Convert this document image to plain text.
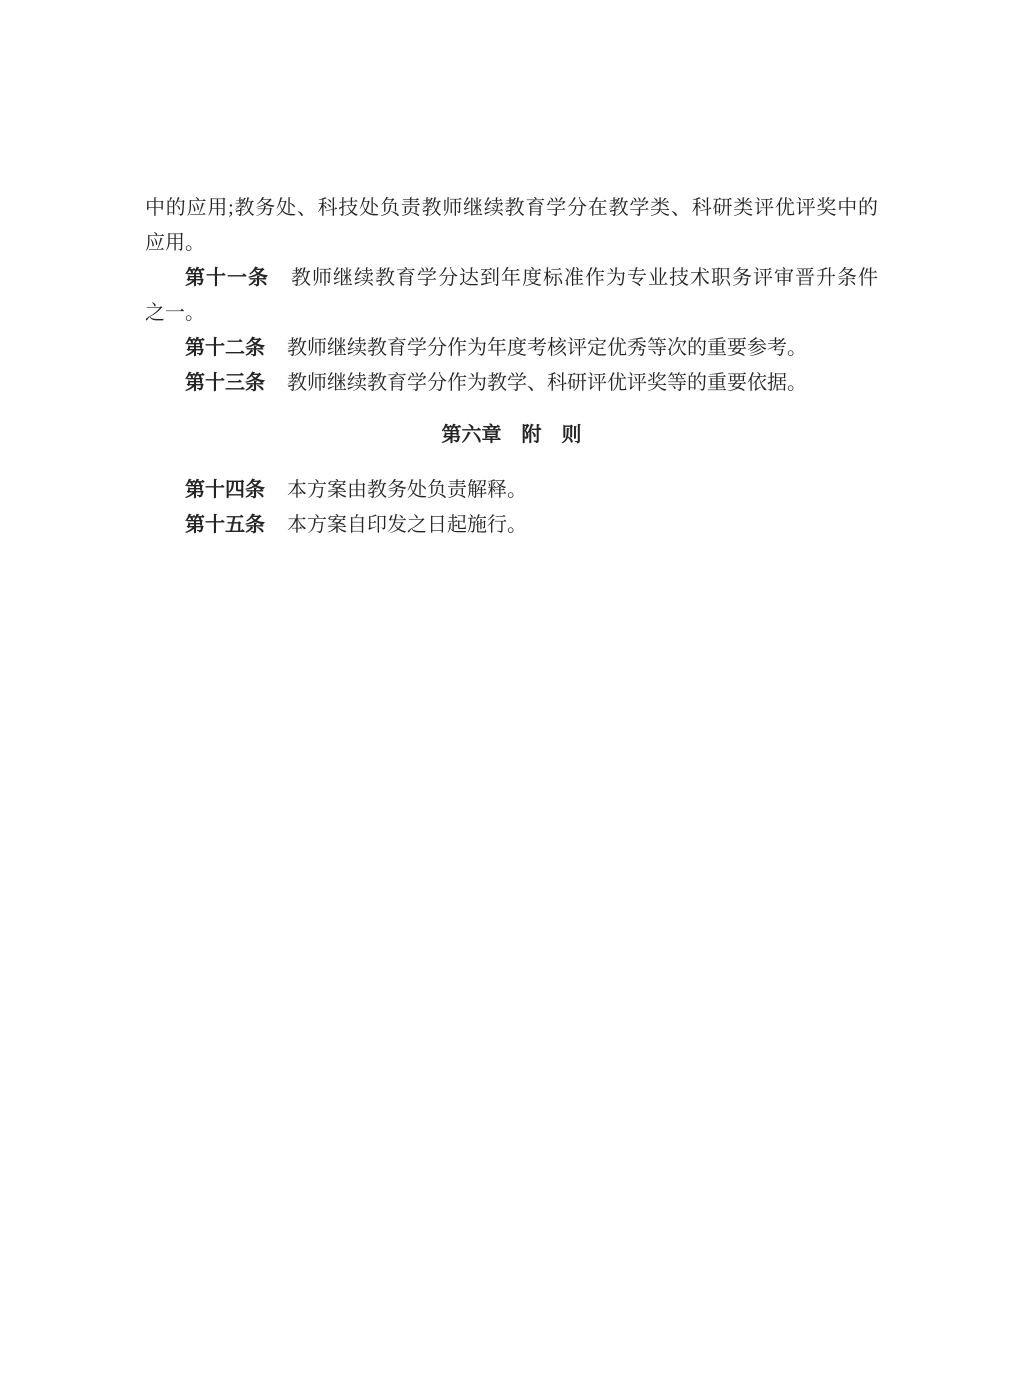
中的应用;教务处、科技处负责教师继续教育学分在教学类、科研类评优评奖中的
应用。

第十一条 教师继续教育学分达到年度标准作为专业技术职务评审晋升条件
之一。

第十二条 教师继续教育学分作为年度考核评定优秀等次的重要参考。

第十三条 教师继续教育学分作为教学、科研评优评奖等的重要依据。

第六章　附　则

第十四条 本方案由教务处负责解释。

第十五条 本方案自印发之日起施行。
